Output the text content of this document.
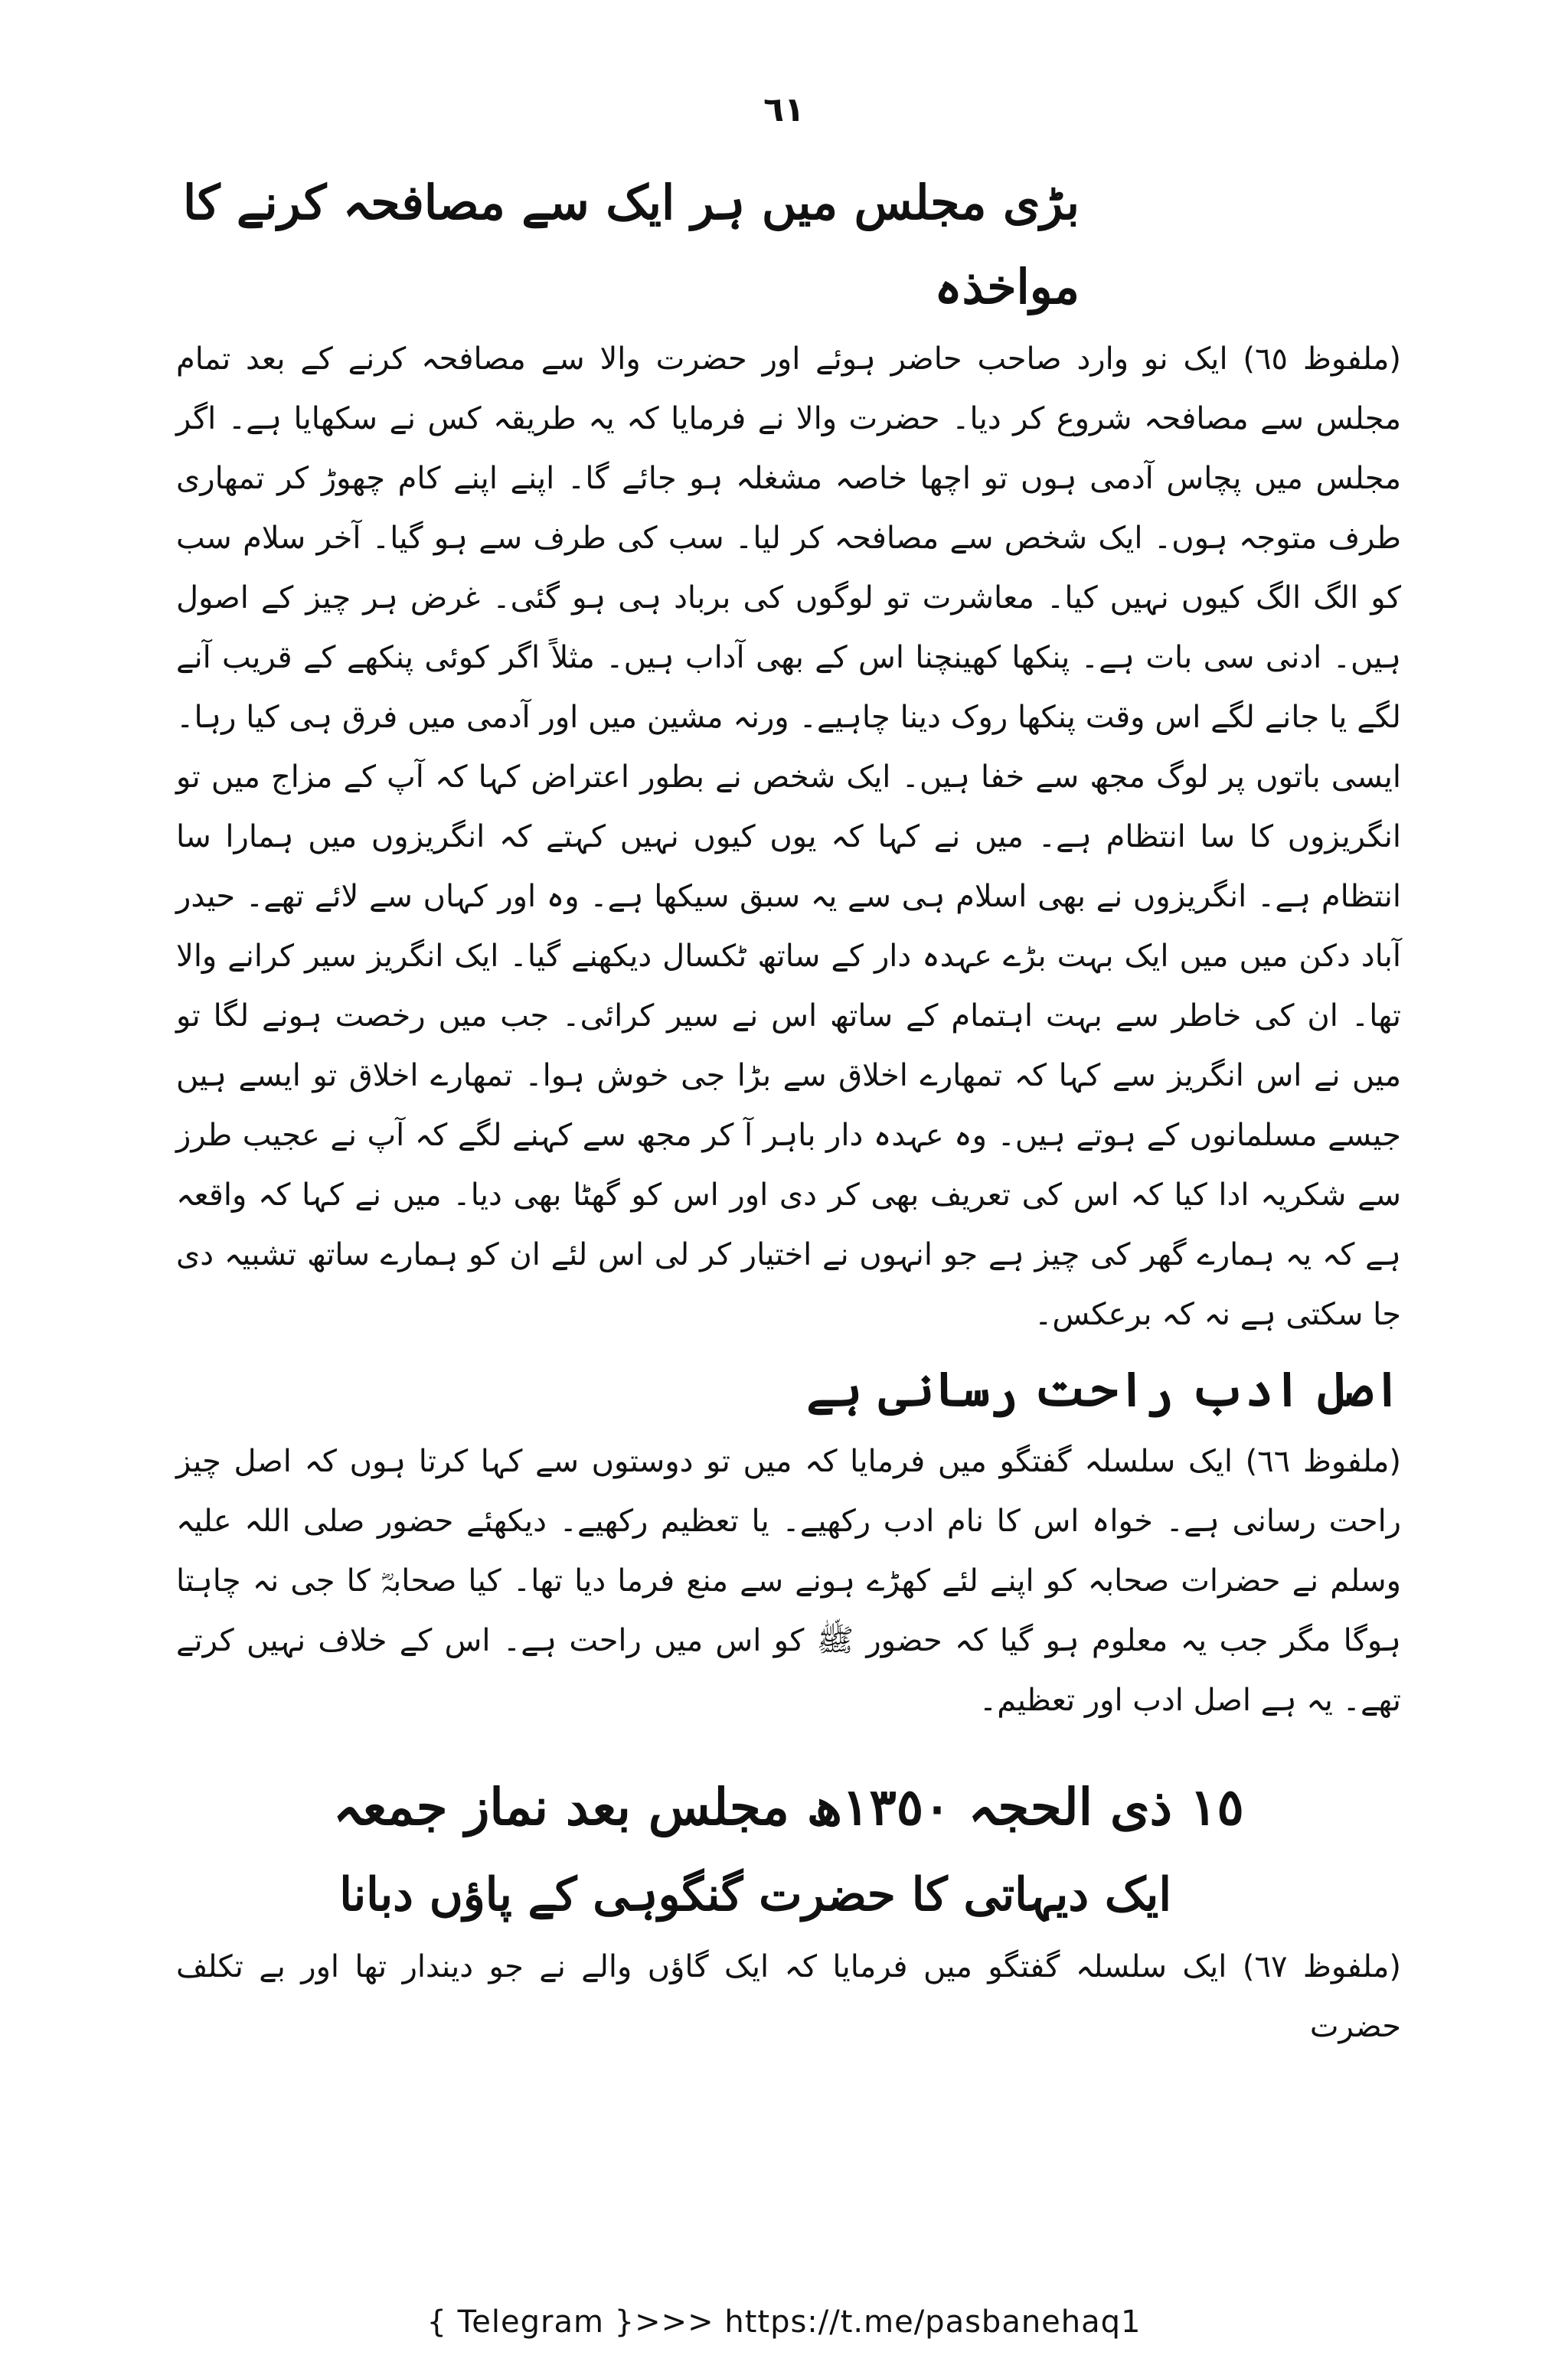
٦١
بڑی مجلس میں ہر ایک سے مصافحہ کرنے کا مواخذہ

(ملفوظ ٦٥) ایک نو وارد صاحب حاضر ہوئے اور حضرت والا سے مصافحہ کرنے کے بعد تمام مجلس سے مصافحہ شروع کر دیا۔ حضرت والا نے فرمایا کہ یہ طریقہ کس نے سکھایا ہے۔ اگر مجلس میں پچاس آدمی ہوں تو اچھا خاصہ مشغلہ ہو جائے گا۔ اپنے اپنے کام چھوڑ کر تمھاری طرف متوجہ ہوں۔ ایک شخص سے مصافحہ کر لیا۔ سب کی طرف سے ہو گیا۔ آخر سلام سب کو الگ الگ کیوں نہیں کیا۔ معاشرت تو لوگوں کی برباد ہی ہو گئی۔ غرض ہر چیز کے اصول ہیں۔ ادنی سی بات ہے۔ پنکھا کھینچنا اس کے بھی آداب ہیں۔ مثلاً اگر کوئی پنکھے کے قریب آنے لگے یا جانے لگے اس وقت پنکھا روک دینا چاہیے۔ ورنہ مشین میں اور آدمی میں فرق ہی کیا رہا۔ ایسی باتوں پر لوگ مجھ سے خفا ہیں۔ ایک شخص نے بطور اعتراض کہا کہ آپ کے مزاج میں تو انگریزوں کا سا انتظام ہے۔ میں نے کہا کہ یوں کیوں نہیں کہتے کہ انگریزوں میں ہمارا سا انتظام ہے۔ انگریزوں نے بھی اسلام ہی سے یہ سبق سیکھا ہے۔ وہ اور کہاں سے لائے تھے۔ حیدر آباد دکن میں میں ایک بہت بڑے عہدہ دار کے ساتھ ٹکسال دیکھنے گیا۔ ایک انگریز سیر کرانے والا تھا۔ ان کی خاطر سے بہت اہتمام کے ساتھ اس نے سیر کرائی۔ جب میں رخصت ہونے لگا تو میں نے اس انگریز سے کہا کہ تمھارے اخلاق سے بڑا جی خوش ہوا۔ تمھارے اخلاق تو ایسے ہیں جیسے مسلمانوں کے ہوتے ہیں۔ وہ عہدہ دار باہر آ کر مجھ سے کہنے لگے کہ آپ نے عجیب طرز سے شکریہ ادا کیا کہ اس کی تعریف بھی کر دی اور اس کو گھٹا بھی دیا۔ میں نے کہا کہ واقعہ ہے کہ یہ ہمارے گھر کی چیز ہے جو انہوں نے اختیار کر لی اس لئے ان کو ہمارے ساتھ تشبیہ دی جا سکتی ہے نہ کہ برعکس۔

اصل ادب راحت رسانی ہے

(ملفوظ ٦٦) ایک سلسلہ گفتگو میں فرمایا کہ میں تو دوستوں سے کہا کرتا ہوں کہ اصل چیز راحت رسانی ہے۔ خواہ اس کا نام ادب رکھیے۔ یا تعظیم رکھیے۔ دیکھئے حضور صلی اللہ علیہ وسلم نے حضرات صحابہ کو اپنے لئے کھڑے ہونے سے منع فرما دیا تھا۔ کیا صحابہؓ کا جی نہ چاہتا ہوگا مگر جب یہ معلوم ہو گیا کہ حضور ﷺ کو اس میں راحت ہے۔ اس کے خلاف نہیں کرتے تھے۔ یہ ہے اصل ادب اور تعظیم۔

١٥ ذی الحجہ ١٣٥٠ھ مجلس بعد نماز جمعہ
ایک دیہاتی کا حضرت گنگوہی کے پاؤں دبانا

(ملفوظ ٦٧) ایک سلسلہ گفتگو میں فرمایا کہ ایک گاؤں والے نے جو دیندار تھا اور بے تکلف حضرت

{ Telegram }>>> https://t.me/pasbanehaq1
